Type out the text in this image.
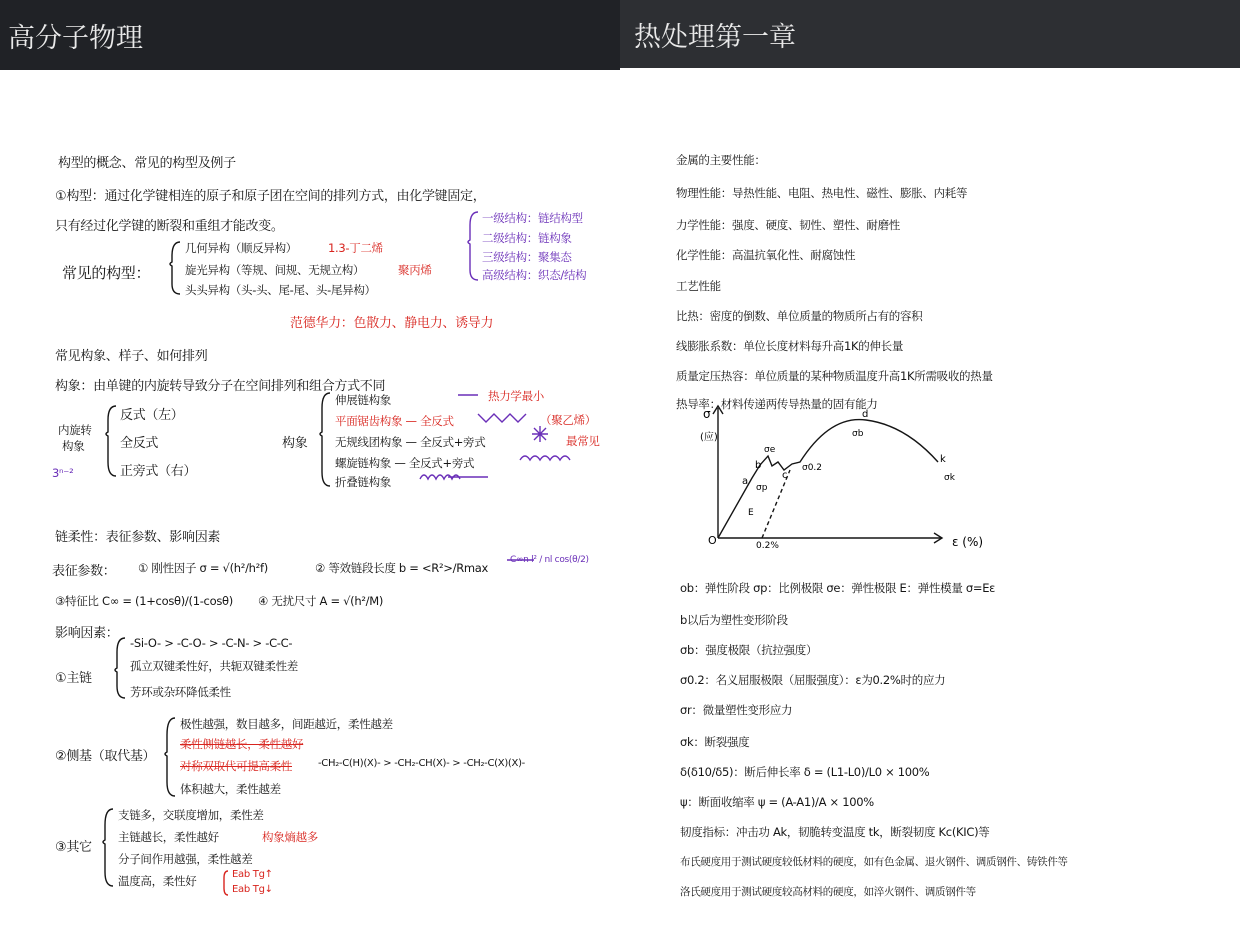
高分子物理	热处理第一章
构型的概念、常见的构型及例子
①构型：通过化学键相连的原子和原子团在空间的排列方式，由化学键固定，
只有经过化学键的断裂和重组才能改变。
常见的构型：
几何异构（顺反异构）
旋光异构（等规、间规、无规立构）
头头异构（头-头、尾-尾、头-尾异构）
1.3-丁二烯
聚丙烯
一级结构：链结构型
二级结构：链构象
三级结构：聚集态
高级结构：织态/结构
范德华力：色散力、静电力、诱导力
常见构象、样子、如何排列
构象：由单键的内旋转导致分子在空间排列和组合方式不同
内旋转
构象
反式（左）
全反式
正旁式（右）
3ⁿ⁻²
构象
伸展链构象
平面锯齿构象 — 全反式
无规线团构象 — 全反式+旁式
螺旋链构象 — 全反式+旁式
折叠链构象
热力学最小
（聚乙烯）
最常见
链柔性：表征参数、影响因素
表征参数： ① 刚性因子 σ = √(h²/h²f)	② 等效链段长度 b = <R²>/Rmax
C∞n l² / nl cos(θ/2)
③特征比 C∞ = (1+cosθ)/(1-cosθ) ④ 无扰尺寸 A = √(h²/M)
影响因素：
①主链
-Si-O- > -C-O- > -C-N- > -C-C-
孤立双键柔性好，共轭双键柔性差
芳环或杂环降低柔性
②侧基（取代基）
极性越强，数目越多，间距越近，柔性越差
柔性侧链越长，柔性越好
对称双取代可提高柔性
体积越大，柔性越差
-CH₂-C(H)(X)- > -CH₂-CH(X)- > -CH₂-C(X)(X)-
③其它
支链多，交联度增加，柔性差
主链越长，柔性越好
分子间作用越强，柔性越差
温度高，柔性好
构象熵越多
Eab Tg↑
Eab Tg↓
金属的主要性能：
物理性能：导热性能、电阻、热电性、磁性、膨胀、内耗等
力学性能：强度、硬度、韧性、塑性、耐磨性
化学性能：高温抗氧化性、耐腐蚀性
工艺性能
比热：密度的倒数、单位质量的物质所占有的容积
线膨胀系数：单位长度材料每升高1K的伸长量
质量定压热容：单位质量的某种物质温度升高1K所需吸收的热量
热导率：材料传递两传导热量的固有能力
σ
(应)
O	0.2%	ε (%)
a
b
c
d
k
σe
σp
σ0.2
σb
σk
E
ob：弹性阶段 σp：比例极限 σe：弹性极限 E：弹性模量 σ=Eε
b以后为塑性变形阶段
σb：强度极限（抗拉强度）
σ0.2：名义屈服极限（屈服强度）：ε为0.2%时的应力
σr：微量塑性变形应力
σk：断裂强度
δ(δ10/δ5)：断后伸长率 δ = (L1-L0)/L0 × 100%
ψ：断面收缩率 ψ = (A-A1)/A × 100%
韧度指标：冲击功 Ak，韧脆转变温度 tk，断裂韧度 Kc(KIC)等
布氏硬度用于测试硬度较低材料的硬度，如有色金属、退火钢件、调质钢件、铸铁件等
洛氏硬度用于测试硬度较高材料的硬度，如淬火钢件、调质钢件等
